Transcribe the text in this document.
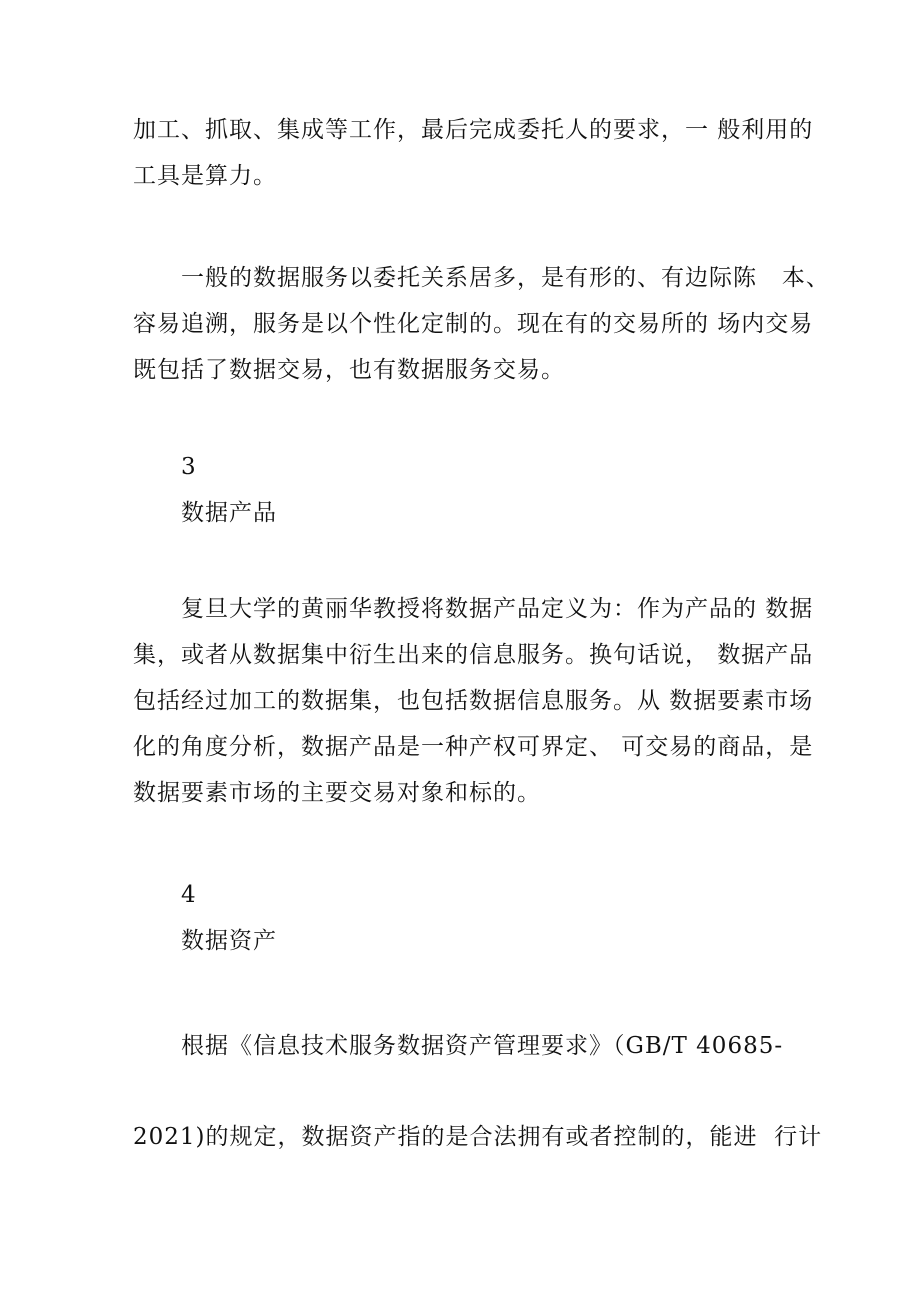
加工、抓取、集成等工作，最后完成委托人的要求，一 般利用的
工具是算力。
一般的数据服务以委托关系居多，是有形的、有边际陈   本、
容易追溯，服务是以个性化定制的。现在有的交易所的 场内交易
既包括了数据交易，也有数据服务交易。
3
数据产品
复旦大学的黄丽华教授将数据产品定义为：作为产品的 数据
集，或者从数据集中衍生出来的信息服务。换句话说， 数据产品
包括经过加工的数据集，也包括数据信息服务。从 数据要素市场
化的角度分析，数据产品是一种产权可界定、 可交易的商品，是
数据要素市场的主要交易对象和标的。
4
数据资产
根据《信息技术服务数据资产管理要求》（GB/T 40685-
2021)的规定，数据资产指的是合法拥有或者控制的，能进  行计
